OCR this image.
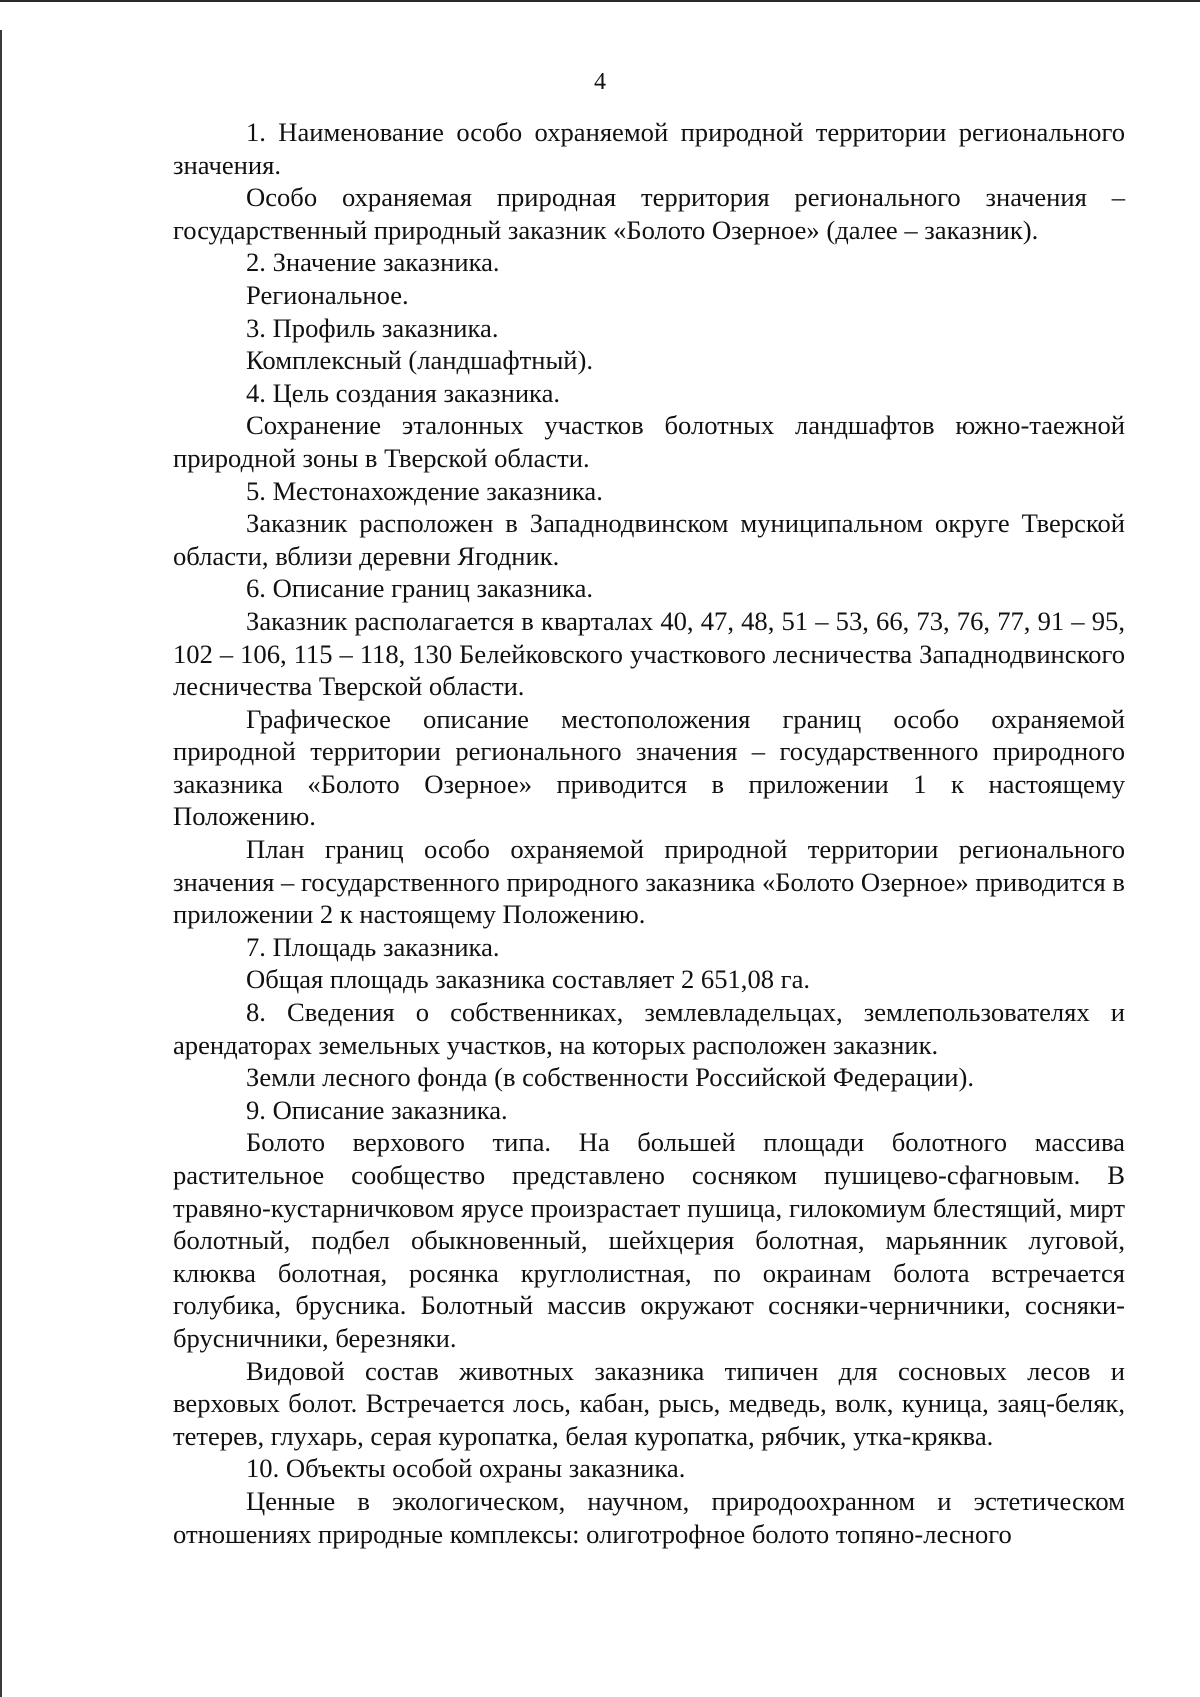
4

1. Наименование особо охраняемой природной территории регионального значения.

Особо охраняемая природная территория регионального значения – государственный природный заказник «Болото Озерное» (далее – заказник).

2. Значение заказника.

Региональное.

3. Профиль заказника.

Комплексный (ландшафтный).

4. Цель создания заказника.

Сохранение эталонных участков болотных ландшафтов южно-таежной природной зоны в Тверской области.

5. Местонахождение заказника.

Заказник расположен в Западнодвинском муниципальном округе Тверской области, вблизи деревни Ягодник.

6. Описание границ заказника.

Заказник располагается в кварталах 40, 47, 48, 51 – 53, 66, 73, 76, 77, 91 – 95, 102 – 106, 115 – 118, 130 Белейковского участкового лесничества Западнодвинского лесничества Тверской области.

Графическое описание местоположения границ особо охраняемой природной территории регионального значения – государственного природного заказника «Болото Озерное» приводится в приложении 1 к настоящему Положению.

План границ особо охраняемой природной территории регионального значения – государственного природного заказника «Болото Озерное» приводится в приложении 2 к настоящему Положению.

7. Площадь заказника.

Общая площадь заказника составляет 2 651,08 га.

8. Сведения о собственниках, землевладельцах, землепользователях и арендаторах земельных участков, на которых расположен заказник.

Земли лесного фонда (в собственности Российской Федерации).

9. Описание заказника.

Болото верхового типа. На большей площади болотного массива растительное сообщество представлено сосняком пушицево-сфагновым. В травяно-кустарничковом ярусе произрастает пушица, гилокомиум блестящий, мирт болотный, подбел обыкновенный, шейхцерия болотная, марьянник луговой, клюква болотная, росянка круглолистная, по окраинам болота встречается голубика, брусника. Болотный массив окружают сосняки-черничники, сосняки-брусничники, березняки.

Видовой состав животных заказника типичен для сосновых лесов и верховых болот. Встречается лось, кабан, рысь, медведь, волк, куница, заяц-беляк, тетерев, глухарь, серая куропатка, белая куропатка, рябчик, утка-кряква.

10. Объекты особой охраны заказника.

Ценные в экологическом, научном, природоохранном и эстетическом отношениях природные комплексы: олиготрофное болото топяно-лесного
